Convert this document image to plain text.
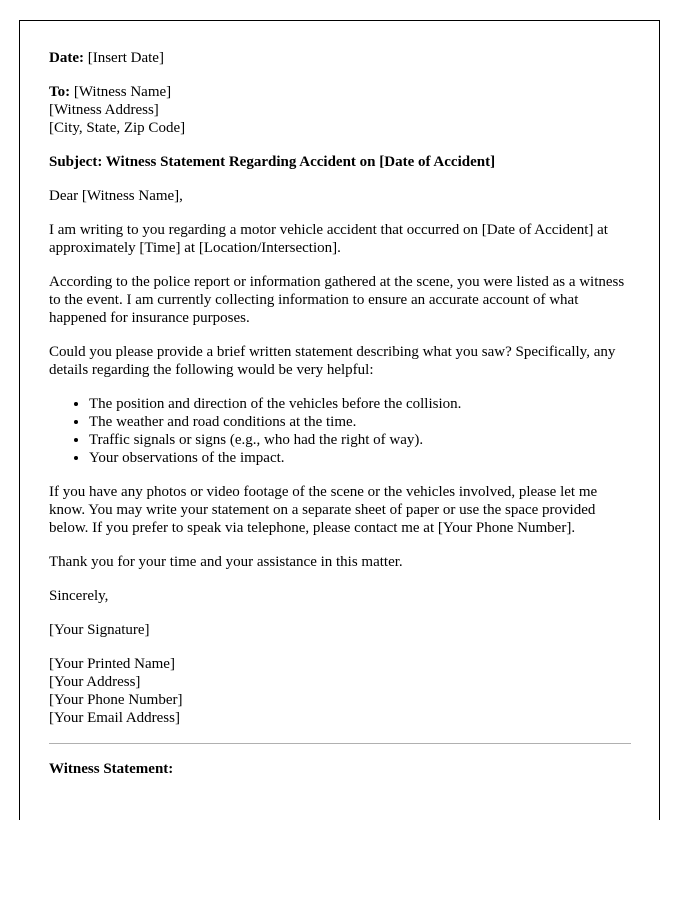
Date: [Insert Date]

To: [Witness Name]
[Witness Address]
[City, State, Zip Code]

Subject: Witness Statement Regarding Accident on [Date of Accident]

Dear [Witness Name],

I am writing to you regarding a motor vehicle accident that occurred on [Date of Accident] at approximately [Time] at [Location/Intersection].

According to the police report or information gathered at the scene, you were listed as a witness to the event. I am currently collecting information to ensure an accurate account of what happened for insurance purposes.

Could you please provide a brief written statement describing what you saw? Specifically, any details regarding the following would be very helpful:

• The position and direction of the vehicles before the collision.
• The weather and road conditions at the time.
• Traffic signals or signs (e.g., who had the right of way).
• Your observations of the impact.

If you have any photos or video footage of the scene or the vehicles involved, please let me know. You may write your statement on a separate sheet of paper or use the space provided below. If you prefer to speak via telephone, please contact me at [Your Phone Number].

Thank you for your time and your assistance in this matter.

Sincerely,

[Your Signature]

[Your Printed Name]
[Your Address]
[Your Phone Number]
[Your Email Address]

Witness Statement:
